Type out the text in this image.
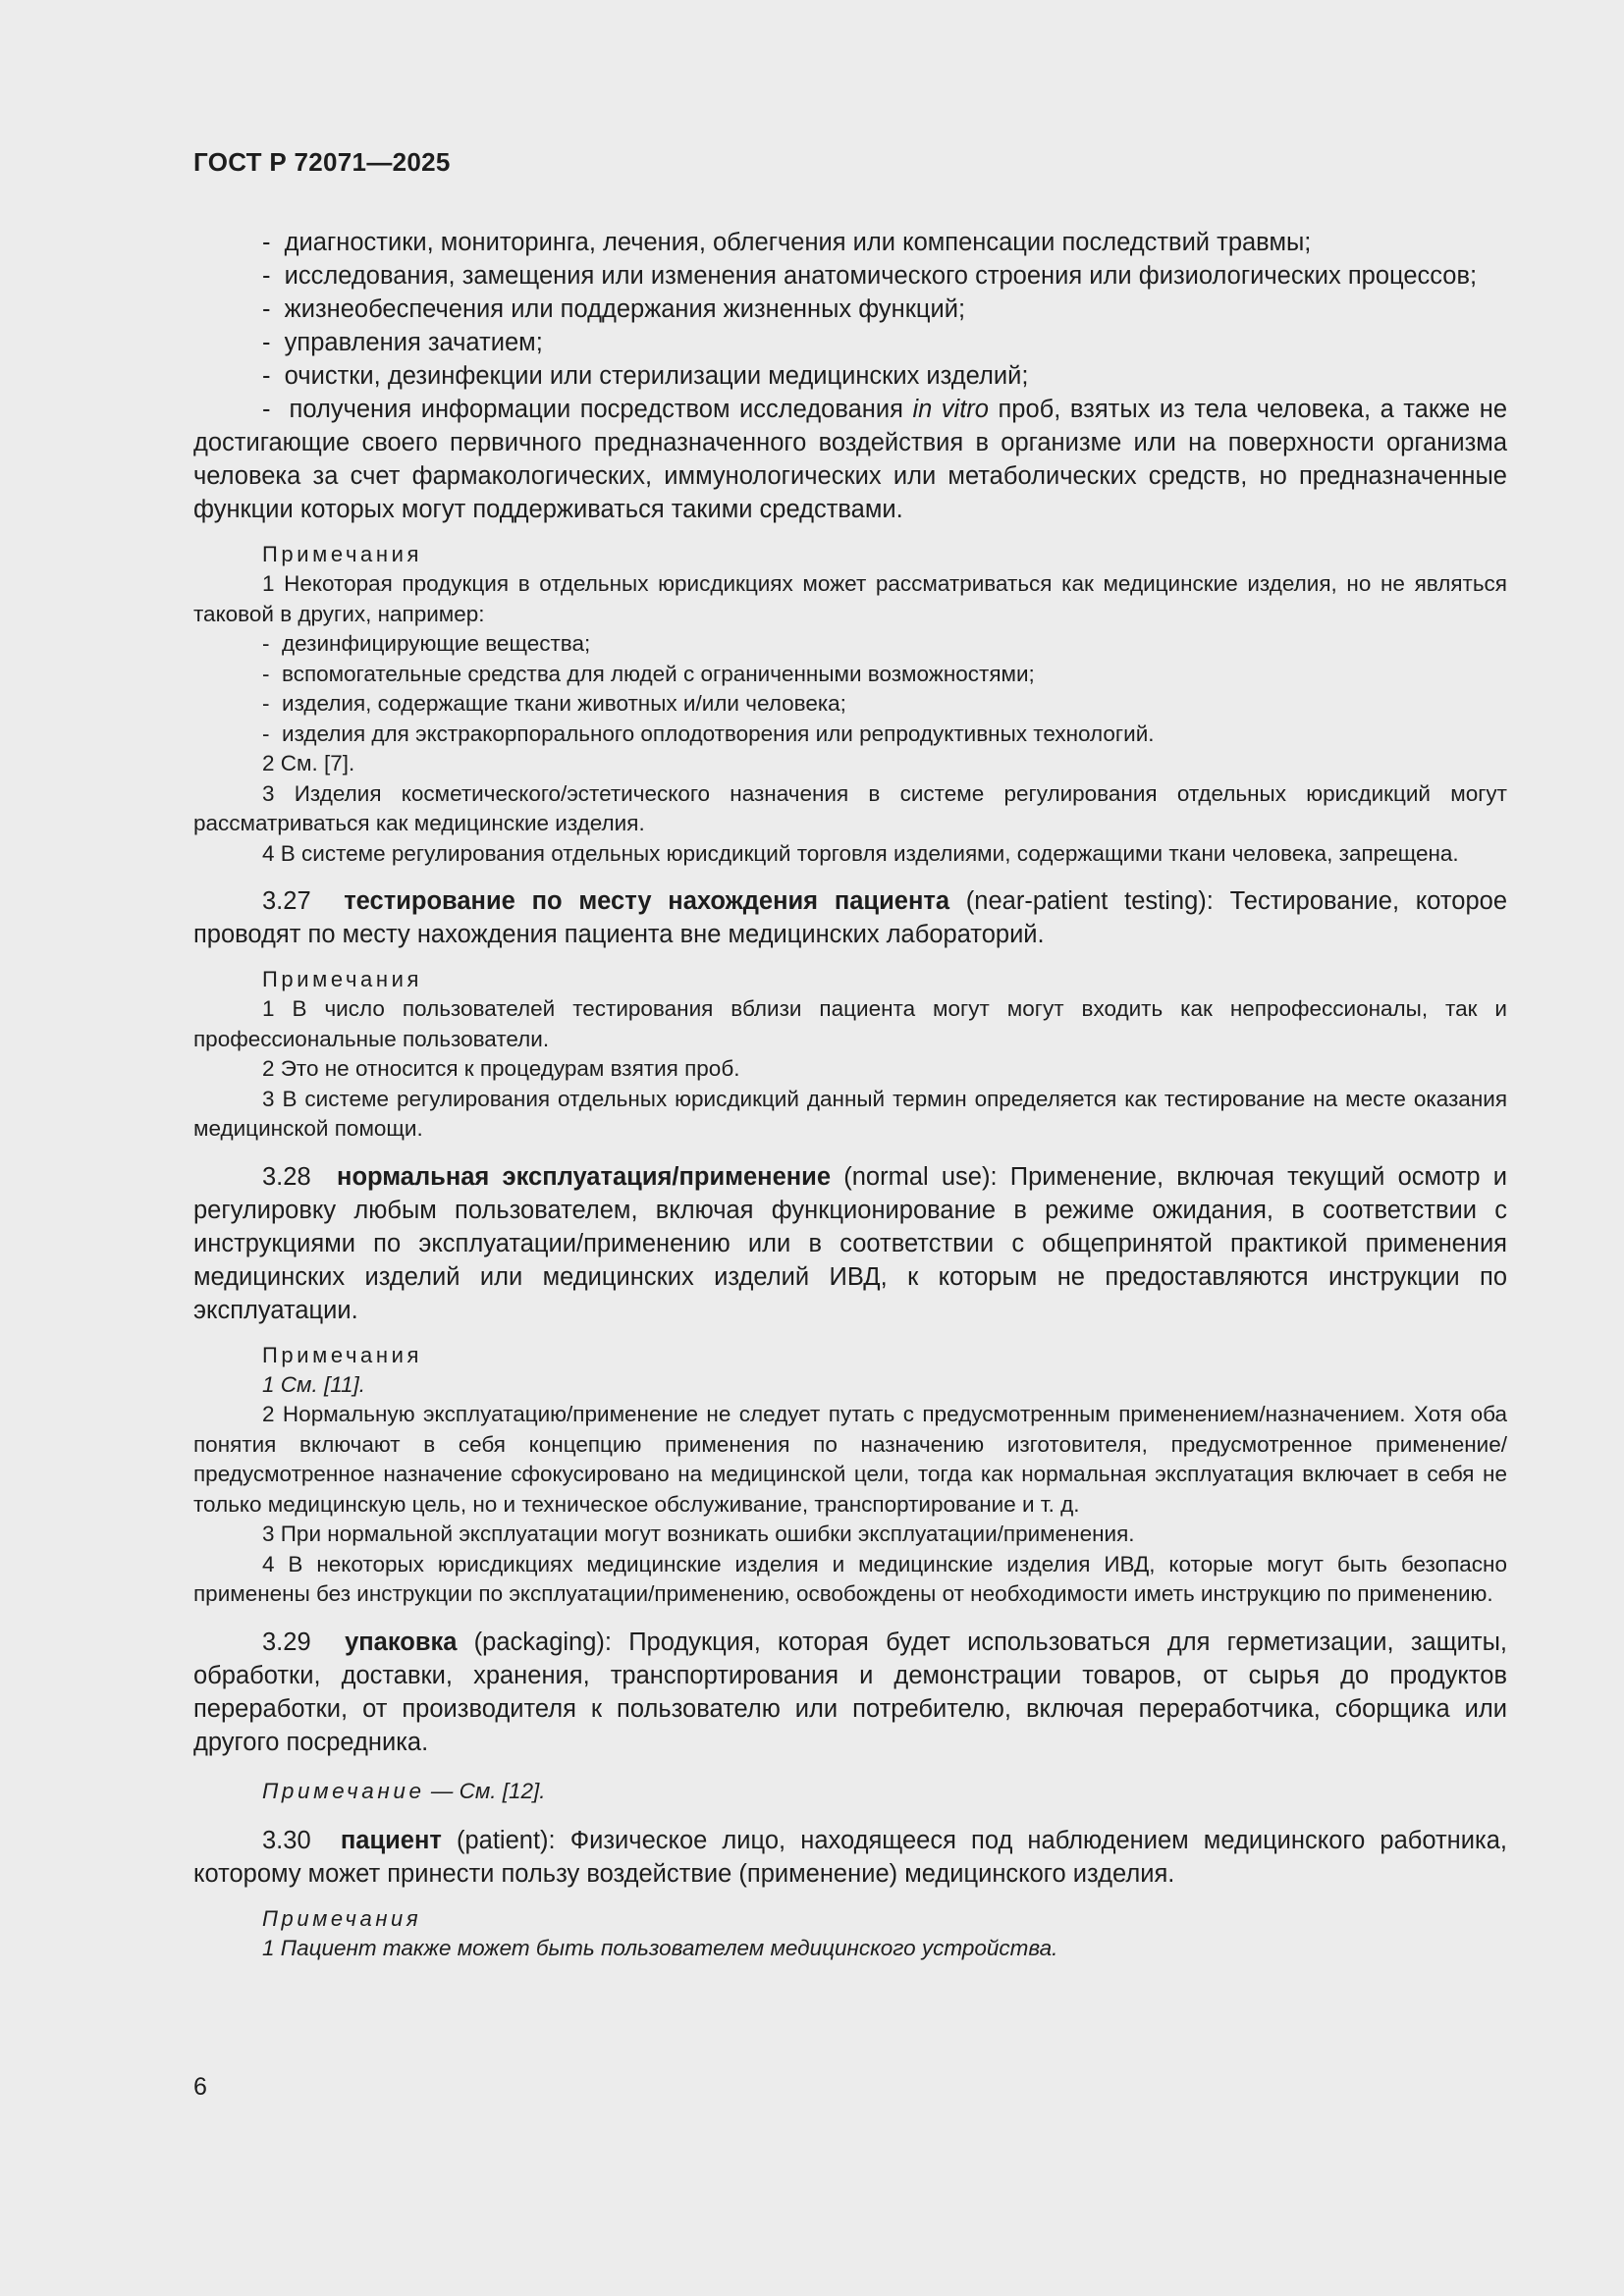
ГОСТ Р 72071—2025

-  диагностики, мониторинга, лечения, облегчения или компенсации последствий травмы;

-  исследования, замещения или изменения анатомического строения или физиологических процессов;

-  жизнеобеспечения или поддержания жизненных функций;

-  управления зачатием;

-  очистки, дезинфекции или стерилизации медицинских изделий;

-  получения информации посредством исследования in vitro проб, взятых из тела человека, а также не достигающие своего первичного предназначенного воздействия в организме или на поверхности организма человека за счет фармакологических, иммунологических или метаболических средств, но предназначенные функции которых могут поддерживаться такими средствами.

Примечания

1 Некоторая продукция в отдельных юрисдикциях может рассматриваться как медицинские изделия, но не являться таковой в других, например:

-  дезинфицирующие вещества;

-  вспомогательные средства для людей с ограниченными возможностями;

-  изделия, содержащие ткани животных и/или человека;

-  изделия для экстракорпорального оплодотворения или репродуктивных технологий.

2 См. [7].

3 Изделия косметического/эстетического назначения в системе регулирования отдельных юрисдикций могут рассматриваться как медицинские изделия.

4 В системе регулирования отдельных юрисдикций торговля изделиями, содержащими ткани человека, запрещена.

3.27 тестирование по месту нахождения пациента (near-patient testing): Тестирование, которое проводят по месту нахождения пациента вне медицинских лабораторий.

Примечания

1 В число пользователей тестирования вблизи пациента могут могут входить как непрофессионалы, так и профессиональные пользователи.

2 Это не относится к процедурам взятия проб.

3 В системе регулирования отдельных юрисдикций данный термин определяется как тестирование на месте оказания медицинской помощи.

3.28 нормальная эксплуатация/применение (normal use): Применение, включая текущий осмотр и регулировку любым пользователем, включая функционирование в режиме ожидания, в соответствии с инструкциями по эксплуатации/применению или в соответствии с общепринятой практикой применения медицинских изделий или медицинских изделий ИВД, к которым не предоставляются инструкции по эксплуатации.

Примечания

1 См. [11].

2 Нормальную эксплуатацию/применение не следует путать с предусмотренным применением/назначением. Хотя оба понятия включают в себя концепцию применения по назначению изготовителя, предусмотренное применение/предусмотренное назначение сфокусировано на медицинской цели, тогда как нормальная эксплуатация включает в себя не только медицинскую цель, но и техническое обслуживание, транспортирование и т. д.

3 При нормальной эксплуатации могут возникать ошибки эксплуатации/применения.

4 В некоторых юрисдикциях медицинские изделия и медицинские изделия ИВД, которые могут быть безопасно применены без инструкции по эксплуатации/применению, освобождены от необходимости иметь инструкцию по применению.

3.29 упаковка (packaging): Продукция, которая будет использоваться для герметизации, защиты, обработки, доставки, хранения, транспортирования и демонстрации товаров, от сырья до продуктов переработки, от производителя к пользователю или потребителю, включая переработчика, сборщика или другого посредника.

Примечание — См. [12].

3.30 пациент (patient): Физическое лицо, находящееся под наблюдением медицинского работника, которому может принести пользу воздействие (применение) медицинского изделия.

Примечания

1 Пациент также может быть пользователем медицинского устройства.

6
